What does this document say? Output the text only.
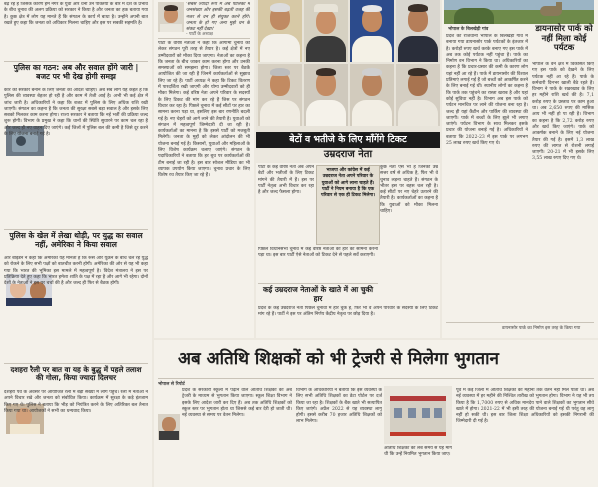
बढ़ रहे हैं जिसके कारण हम नगर के युवा और धनी उन पंक्तियों के बारे में देश के प्रभाव के बीच चुनाव की अलग प्रक्रिया को सरकार ने किया है और जनता का हक बताया गया है। कुछ क्षेत्र में लोग यह मानते हैं कि संगठन के कार्य में बाधा है। उन्होंने अपनी बात रखते हुए कहा कि जनता को अधिकार मिलना चाहिए और इस पर सबकी सहमति है।
पुलिस का गठन: अब और सवाल होंगे जारी | बजट पर भी देख होगी समझ
कार को सरकार बनाने के लिए जनता का आदेश चाहिए। अब सब लोग यह कहते हैं कि पुलिस की व्यवस्था बेहतर हो रही है और काम में तेजी आई है। अभी भी कई क्षेत्र में जांच जारी है। अधिकारियों ने कहा कि बजट में पुलिस के लिए अधिक राशि रखी जाएगी। संगठन का कहना है कि जनता की सुरक्षा सबसे बड़ा सवाल है और इसके लिए सबको मिलकर काम करना होगा। राज्य सरकार ने बताया कि नई भर्ती की प्रक्रिया जल्द शुरू होगी। विभाग के प्रमुख ने कहा कि थानों की स्थिति सुधारने पर काम चल रहा है और जल्द ही नए वाहन दिए जाएंगे। कई जिलों में पुलिस बल की कमी है जिसे दूर करने के लिए योजना बनाई गई है।
पुलिस के खेल में लेखा थोड़ी, पर युद्ध का सवाल नहीं, अमेरिका ने किया सवाल
और बाइडेन ने कहा कि अमेरिका यह मानता है कि रूस और यूक्रेन के बीच चल रहे युद्ध को रोकने के लिए सभी पक्षों को बातचीत करनी होगी। अमेरिका की ओर से यह भी कहा गया कि भारत की भूमिका इस मामले में महत्वपूर्ण है। विदेश मंत्रालय ने इस पर प्रतिक्रिया देते हुए कहा कि भारत हमेशा शांति के पक्ष में रहा है और आगे भी रहेगा। दोनों देशों के नेताओं ने इस पर चर्चा की है और जल्द ही फिर से बैठक होगी।
दशहरा रैली पर बात वा यह के बुद्ध में पहले तलाश की गोला, किया ज्यादा दिलचर
दशहरा पर्व के अवसर पर आयोजित रैली में बड़ी संख्या में लोग पहुंचे। रैली में नेताओं ने अपने विचार रखे और जनता को संबोधित किया। कार्यक्रम में सुरक्षा के कड़े इंतजाम किए गए थे। पुलिस ने बताया कि भीड़ को नियंत्रित करने के लिए अतिरिक्त बल तैनात किया गया था। आयोजकों ने सभी का धन्यवाद किया।
'सबसे ज्यादा रूप में अब पालिका में जनसंख्या और इसकी बढ़ती वजह की नजर से वन ही संयुक्त करने होंगे। जनता के हो गए अन्य मुझे धन के संकट नहीं देखा।'
- पार्टी के अध्यक्ष
पार्टी के वरिष्ठ नेताओं ने कहा कि आगामी चुनाव को लेकर संगठन पूरी तरह से तैयार है। कई क्षेत्रों में नए उम्मीदवारों को मौका दिया जाएगा। नेताओं का कहना है कि जनता के बीच जाकर काम करना होगा और उनकी समस्याओं को समझना होगा। जिला स्तर पर बैठकें आयोजित की जा रही हैं जिनमें कार्यकर्ताओं से सुझाव लिए जा रहे हैं। पार्टी अध्यक्ष ने कहा कि टिकट वितरण में पारदर्शिता रखी जाएगी और योग्य उम्मीदवारों को ही मौका मिलेगा। कई वरिष्ठ नेता अपने परिवार के सदस्यों के लिए टिकट की मांग कर रहे हैं जिस पर संगठन विचार कर रहा है। पिछले चुनाव में कई सीटों पर हार का सामना करना पड़ा था, इसलिए इस बार रणनीति बदली गई है। नए चेहरों को आगे लाने की तैयारी है। युवाओं को संगठन में महत्वपूर्ण जिम्मेदारी दी जा रही है। कार्यकर्ताओं का मानना है कि इससे पार्टी को मजबूती मिलेगी। जनता के मुद्दों को लेकर आंदोलन की भी योजना बनाई गई है। किसानों, युवाओं और महिलाओं के लिए विशेष कार्यक्रम चलाए जाएंगे। संगठन के पदाधिकारियों ने बताया कि हर बूथ पर कार्यकर्ताओं की टीम बनाई जा रही है। इस बार सोशल मीडिया का भी व्यापक उपयोग किया जाएगा। चुनाव प्रचार के लिए विशेष रथ तैयार किए जा रहे हैं।
बेटों व भतीजे के लिए माँगेंगे टिकट
उम्रदराज नेता
पार्टी के कई वरिष्ठ नेता अब अपने बेटों और भतीजों के लिए टिकट मांगने की तैयारी में हैं। इस पर पार्टी नेतृत्व अभी विचार कर रहा है और जल्द फैसला होगा।
भाजपा और कांग्रेस में कई उम्रदराज नेता अपने परिवार के युवाओं को आगे लाना चाहते हैं। पार्टी ने नियम बनाया है कि एक परिवार से एक ही टिकट मिलेगा।
कुछ नेता ऐसे भी हैं जिनकी उम्र सत्तर वर्ष से अधिक है, फिर भी वे चुनाव लड़ना चाहते हैं। संगठन के भीतर इस पर बहस चल रही है। कई सीटों पर नए चेहरे उतारने की तैयारी है। कार्यकर्ताओं का कहना है कि युवाओं को मौका मिलना चाहिए।
पिछले विधानसभा चुनाव में कई वरिष्ठ नेताओं को हार का सामना करना पड़ा था। इस बार पार्टी ऐसे नेताओं को टिकट देने से पहले सर्वे कराएगी।
कई उम्रदराज नेताओं के खाते में आ चुकी हार
प्रदेश के कई उम्रदराज नेता पिछले चुनावों में हार चुके हैं, फिर भी वे अपने परिवार के सदस्यों के लिए टिकट मांग रहे हैं। पार्टी ने इस पर अंतिम निर्णय केंद्रीय नेतृत्व पर छोड़ दिया है।
भोपाल के बिलखेड़ी गांव	डायनासोर पार्क को नहीं मिला कोई पर्यटक
प्रदेश की राजधानी भोपाल के बिलखेड़ी गांव में बनाया गया डायनासोर पार्क पर्यटकों के इंतजार में है। करोड़ों रुपए खर्च करके बनाए गए इस पार्क में अब तक कोई पर्यटक नहीं पहुंचा है। पार्क का निर्माण वन विभाग ने किया था। अधिकारियों का कहना है कि प्रचार-प्रसार की कमी के कारण लोग यहां नहीं आ रहे हैं। पार्क में डायनासोर की विशाल प्रतिमाएं लगाई गई हैं जो बच्चों को आकर्षित करने के लिए बनाई गई थीं। स्थानीय लोगों का कहना है कि पार्क तक पहुंचने का रास्ता खराब है और यहां कोई सुविधा नहीं है। विभाग अब इस पार्क को पर्यटन मानचित्र पर लाने की योजना बना रहा है। जल्द ही यहां कैंटीन और पार्किंग की व्यवस्था की जाएगी। पार्क में बच्चों के लिए झूले भी लगाए जाएंगे। पर्यटन विभाग के साथ मिलकर इसके प्रचार की योजना बनाई गई है। अधिकारियों ने बताया कि 2022-23 में इस पार्क पर लगभग 25 लाख रुपए खर्च किए गए थे।
भोपाल के वन क्षेत्र में विकसित किए गए इस पार्क को देखने के लिए पर्यटक नहीं आ रहे हैं। पार्क के कर्मचारी दिनभर खाली बैठे रहते हैं। विभाग ने पार्क के रखरखाव के लिए हर महीने राशि खर्च की है। 7,1 करोड़ रुपए के प्रस्ताव पर काम हुआ था। अब 2,650 रुपए की मासिक आय भी नहीं हो पा रही है। विभाग का कहना है कि 2,72 करोड़ रुपए और खर्च किए जाएंगे। पार्क को आकर्षक बनाने के लिए नई योजना तैयार की गई है। इसमें 1,3 लाख रुपए की लागत से रोशनी लगाई जाएगी। 20-21 में भी इसके लिए 3,55 लाख रुपए दिए गए थे।
डायनासोर पार्क का निर्माण इस तरह के किया गया
अब अतिथि शिक्षकों को भी ट्रेजरी से मिलेगा भुगतान
भोपाल से रिपोर्ट
प्रदेश के सरकारी स्कूलों में पढ़ाने वाले अतिथि शिक्षकों को अब ट्रेजरी के माध्यम से भुगतान किया जाएगा। स्कूल शिक्षा विभाग ने इसके लिए आदेश जारी कर दिए हैं। अब तक अतिथि शिक्षकों को स्कूल स्तर पर भुगतान होता था जिससे कई बार देरी हो जाती थी। नई व्यवस्था से समय पर वेतन मिलेगा।
विभाग के अधिकारियों ने बताया कि इस व्यवस्था के लिए सभी अतिथि शिक्षकों का डेटा पोर्टल पर दर्ज किया जा रहा है। शिक्षकों के बैंक खाते भी सत्यापित किए जाएंगे। अप्रैल 2022 से यह व्यवस्था लागू होगी। इससे करीब 70 हजार अतिथि शिक्षकों को लाभ मिलेगा।
अतिथि शिक्षकों की लंबे समय से यह मांग थी कि उन्हें नियमित भुगतान किया जाए।
पूर्व में कई जिलों में अतिथि शिक्षकों को महीनों तक वेतन नहीं मिल पाता था। अब नई व्यवस्था में हर महीने की निश्चित तारीख को भुगतान होगा। विभाग ने यह भी तय किया है कि 1,7000 रुपए से अधिक मानदेय पाने वाले शिक्षकों का भुगतान सीधे खाते में होगा। 2021-22 में भी इसी तरह की योजना बनाई गई थी परंतु वह लागू नहीं हो सकी थी। इस बार जिला शिक्षा अधिकारियों को इसकी निगरानी की जिम्मेदारी दी गई है।
